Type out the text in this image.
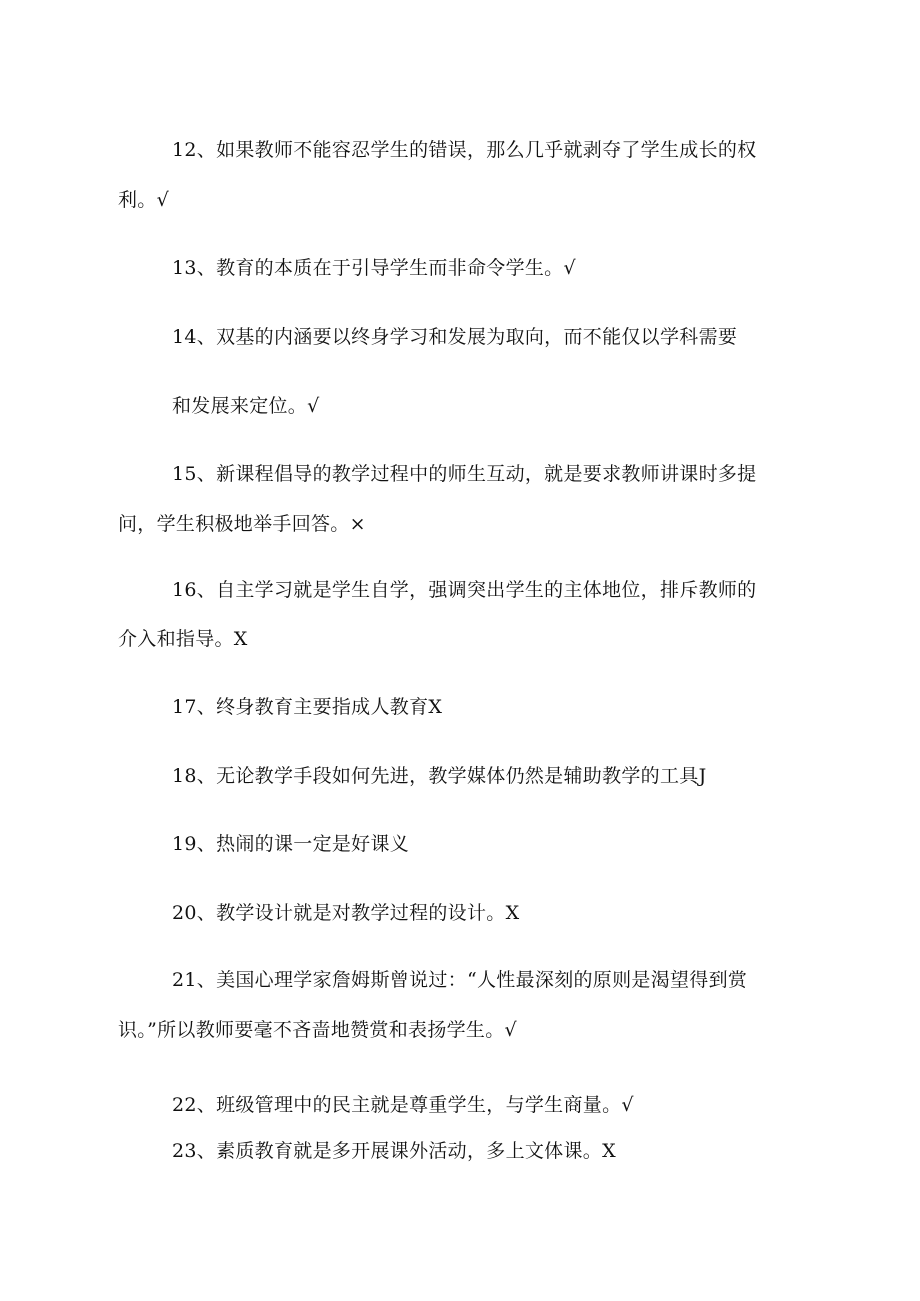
12、如果教师不能容忍学生的错误，那么几乎就剥夺了学生成长的权
利。√
13、教育的本质在于引导学生而非命令学生。√
14、双基的内涵要以终身学习和发展为取向，而不能仅以学科需要
和发展来定位。√
15、新课程倡导的教学过程中的师生互动，就是要求教师讲课时多提
问，学生积极地举手回答。×
16、自主学习就是学生自学，强调突出学生的主体地位，排斥教师的
介入和指导。X
17、终身教育主要指成人教育X
18、无论教学手段如何先进，教学媒体仍然是辅助教学的工具J
19、热闹的课一定是好课义
20、教学设计就是对教学过程的设计。X
21、美国心理学家詹姆斯曾说过：“人性最深刻的原则是渴望得到赏
识。”所以教师要毫不吝啬地赞赏和表扬学生。√
22、班级管理中的民主就是尊重学生，与学生商量。√
23、素质教育就是多开展课外活动，多上文体课。X
